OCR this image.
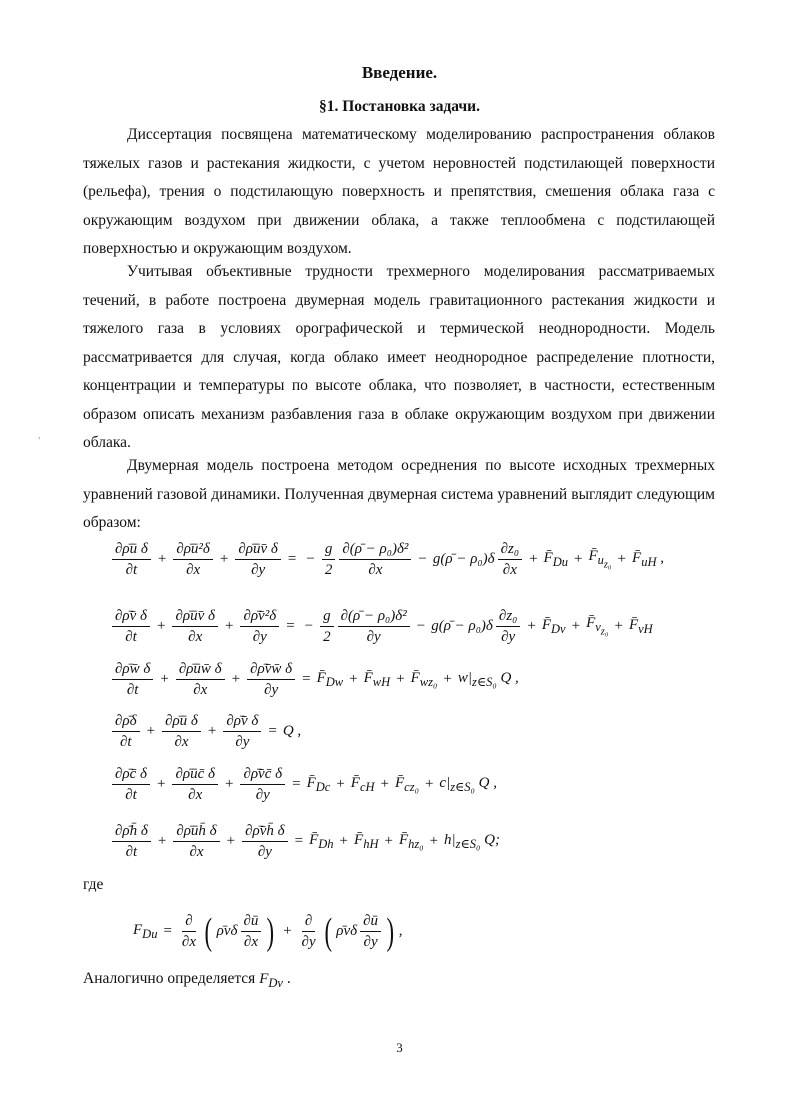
Введение.
§1. Постановка задачи.

Диссертация посвящена математическому моделированию распространения облаков тяжелых газов и растекания жидкости, с учетом неровностей подстилающей поверхности (рельефа), трения о подстилающую поверхность и препятствия, смешения облака газа с окружающим воздухом при движении облака, а также теплообмена с подстилающей поверхностью и окружающим воздухом.

Учитывая объективные трудности трехмерного моделирования рассматриваемых течений, в работе построена двумерная модель гравитационного растекания жидкости и тяжелого газа в условиях орографической и термической неоднородности. Модель рассматривается для случая, когда облако имеет неоднородное распределение плотности, концентрации и температуры по высоте облака, что позволяет, в частности, естественным образом описать механизм разбавления газа в облаке окружающим воздухом при движении облака.

Двумерная модель построена методом осреднения по высоте исходных трехмерных уравнений газовой динамики. Полученная двумерная система уравнений выглядит следующим образом:

$\frac{\text{∂ρ̄ū δ}}{\partial t} + \frac{\text{∂ρ̄ū²δ}}{\partial x} + \frac{\partial\rhōūv̄ \delta}{\partial y}$ = − $\frac{g}{2} \frac{\text{∂(ρ̄ − ρ₀)δ²}}{\partial x}$ − g(ρ̄ − $\rho_0)\delta \frac{\text{∂z₀}}{\partial x}$ + $F̄_{Du}$ + $F̄_{u_{z_0}}$ + $F̄_{uH}$ ,
$\frac{\partial\rhōv̄ \delta}{\partial t} + \frac{\partial\rhōūv̄ \delta}{\partial x} + \frac{\text{∂ρ̄v̄²δ}}{\partial y}$ = − $\frac{g}{2} \frac{\text{∂(ρ̄ − ρ₀)δ²}}{\partial y}$ − g(ρ̄ − $\rho_0)\delta \frac{\text{∂z₀}}{\partial y}$ + $F̄_{Dv}$ + $F̄_{v_{z_0}}$ + $F̄_{vH}$
$\frac{\partial\rhōw̄ \delta}{\partial t} + \frac{\partial\rhōūw̄ \delta}{\partial x} + \frac{\partial\rhōv̄w̄ \delta}{\partial y}$ = $F̄_{Dw}$ + $F̄_{wH}$ + $F̄_{wz_0} + w|_{z\in S_0}$ Q ,
$\frac{\partial\rhō\delta}{\partial t} + \frac{\text{∂ρ̄ū δ}}{\partial x} + \frac{\partial\rhōv̄ \delta}{\partial y} = Q$ ,
$\frac{\partial\rhōc̄ \delta}{\partial t} + \frac{\partial\rhōūc̄ \delta}{\partial x} + \frac{\partial\rhōv̄c̄ \delta}{\partial y}$ = $F̄_{Dc}$ + $F̄_{cH}$ + $F̄_{cz_0} + c|_{z\in S_0}$ Q ,
$\frac{\partial\rhōh̄ \delta}{\partial t} + \frac{\partial\rhōūh̄ \delta}{\partial x} + \frac{\partial\rhōv̄h̄ \delta}{\partial y}$ = $F̄_{Dh}$ + $F̄_{hH}$ + $F̄_{hz_0} + h|_{z\in S_0}$ Q;
где
$F_{Du} = \frac{\partial}{\partial x}$ ( ρ̄νδ $\frac{\partial ū}{\partial x}$ ) + $\frac{\partial}{\partial y}$ ( ρ̄νδ $\frac{\partial ū}{\partial y}$ ) ,
Аналогично определяется $F_{Dv}$ .
3
,
